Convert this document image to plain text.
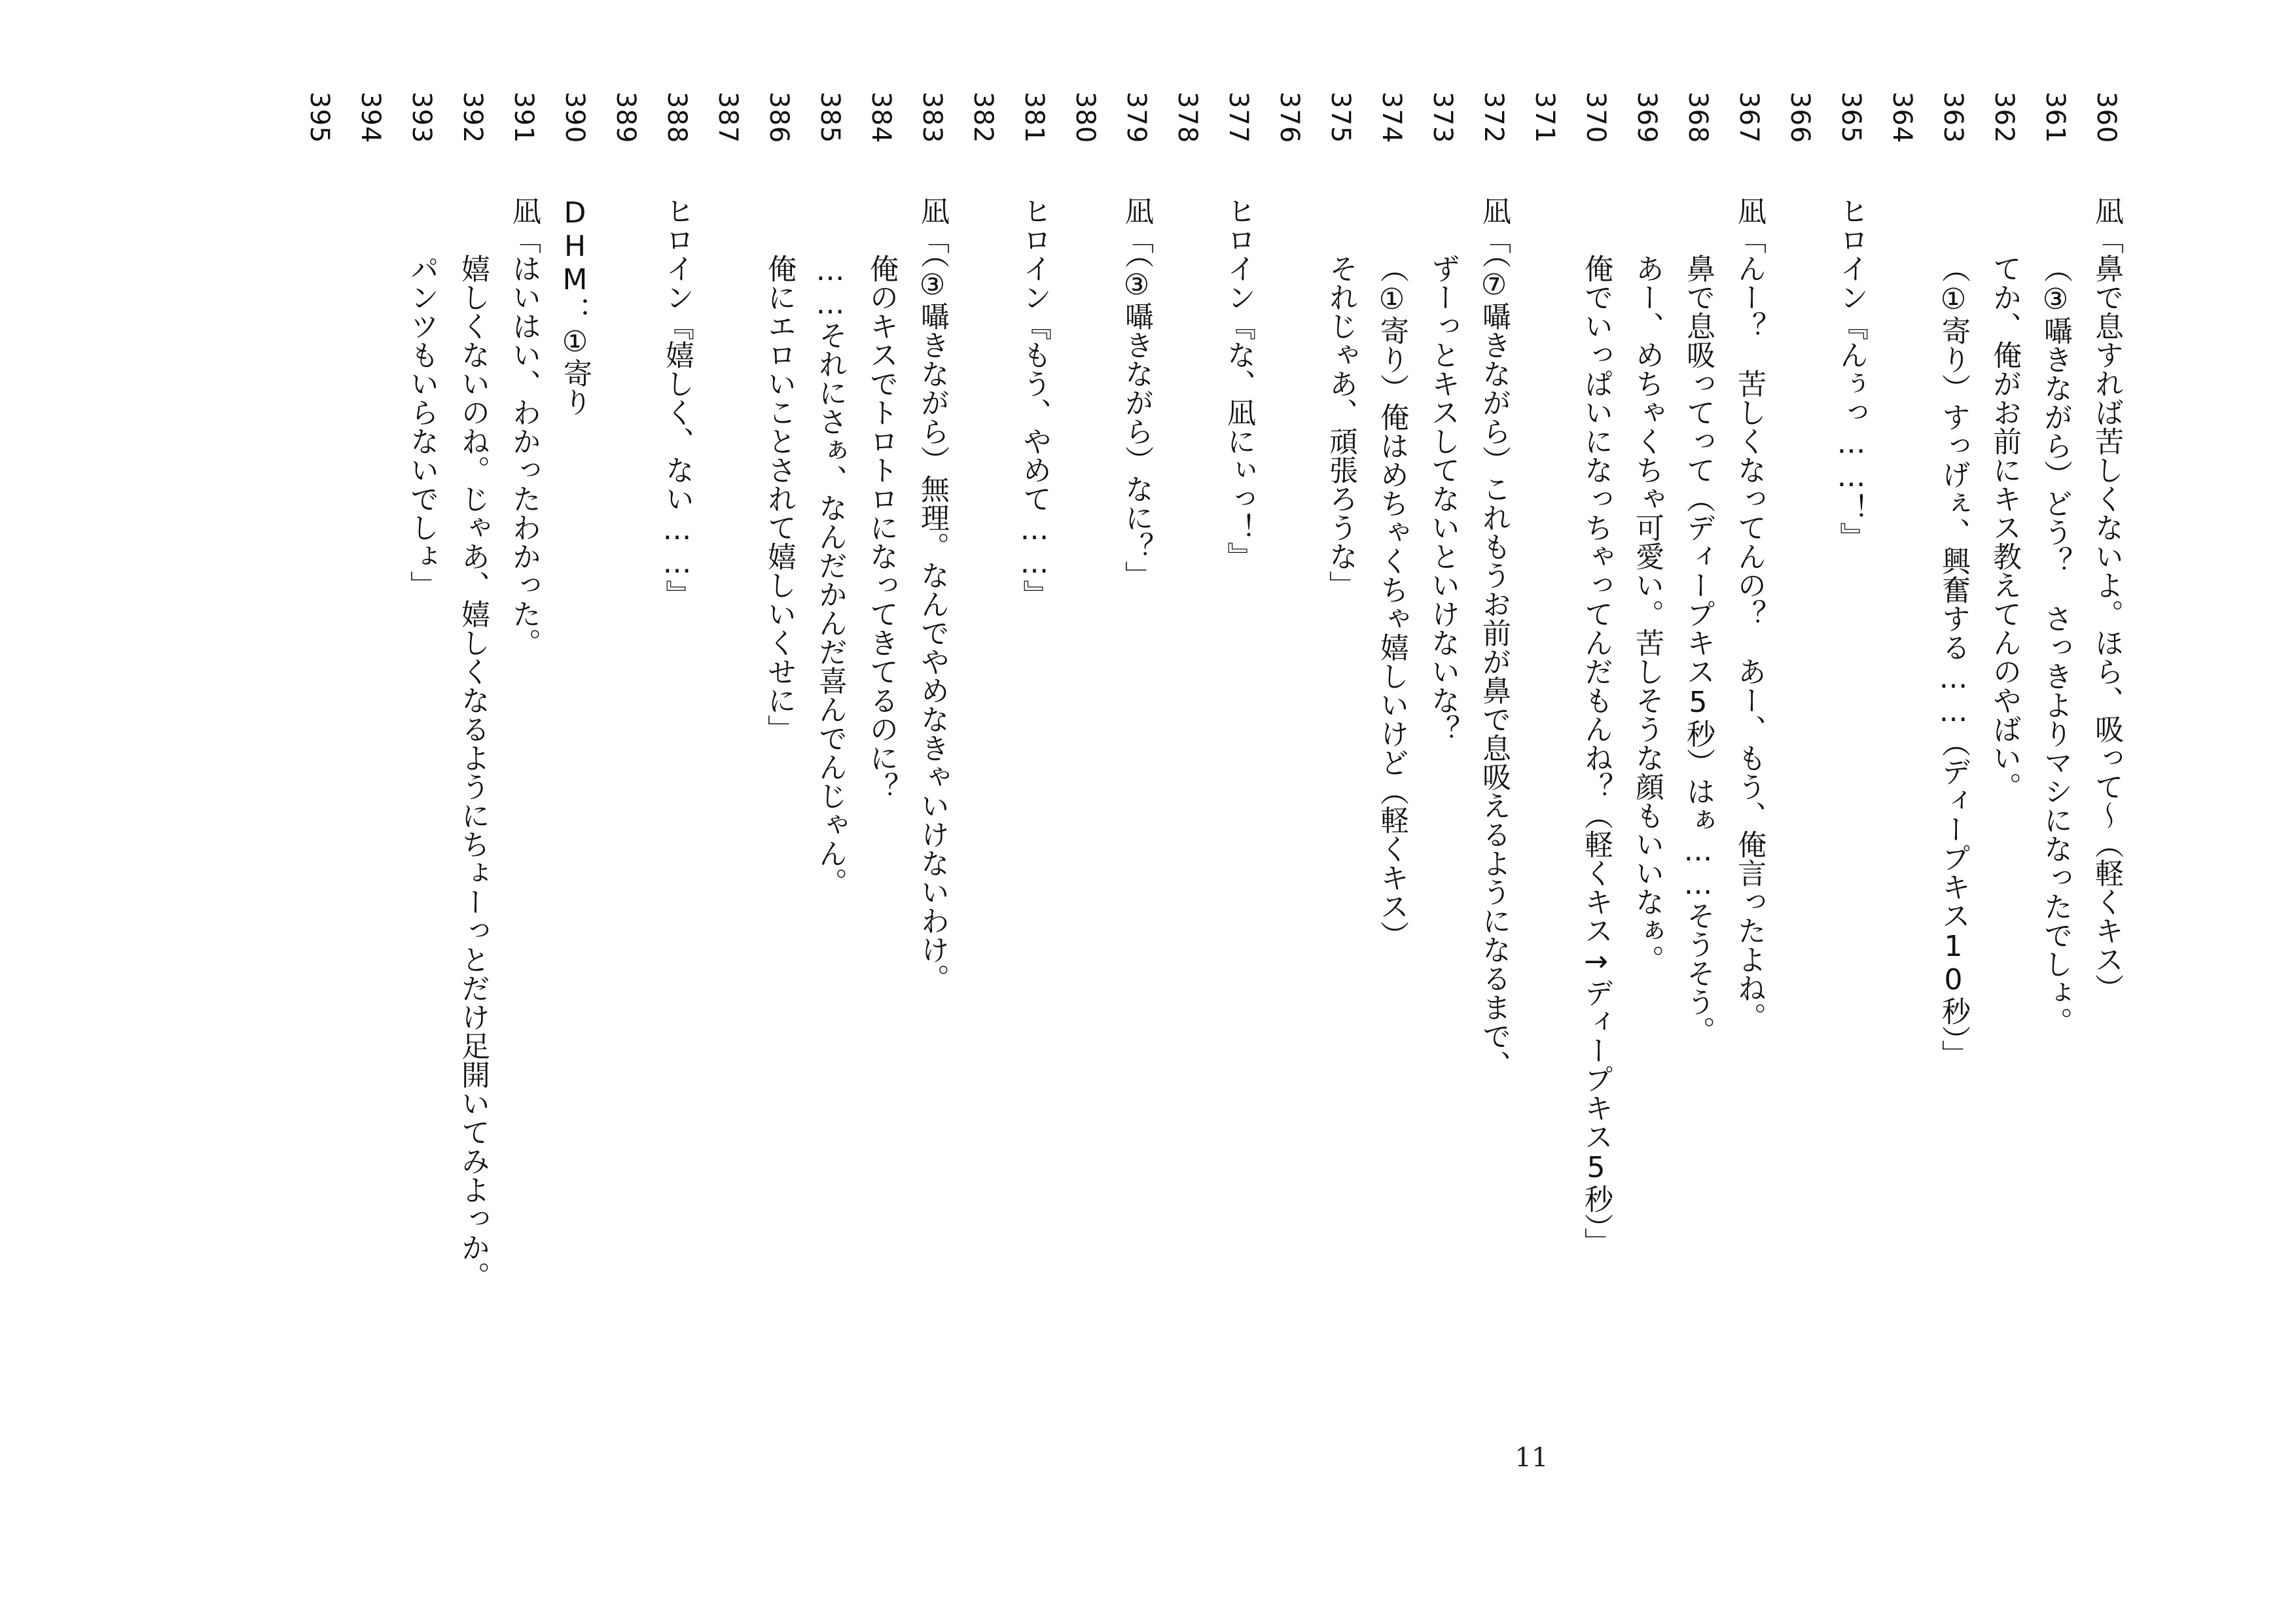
360
凪「鼻で息すれば苦しくないよ。ほら、吸って～（軽くキス）
361
（③囁きながら）どう？　さっきよりマシになったでしょ。
362
てか、俺がお前にキス教えてんのやばい。
363
（①寄り）すっげぇ、興奮する……（ディープキス10秒）」
364
365
ヒロイン『んぅっ……！』
366
367
凪「んー？　苦しくなってんの？　あー、もう、俺言ったよね。
368
鼻で息吸ってって（ディープキス5秒）はぁ……そうそう。
369
あー、めちゃくちゃ可愛い。苦しそうな顔もいいなぁ。
370
俺でいっぱいになっちゃってんだもんね？（軽くキス→ディープキス5秒）」
371
372
凪「（⑦囁きながら）これもうお前が鼻で息吸えるようになるまで、
373
ずーっとキスしてないといけないな？
374
（①寄り）俺はめちゃくちゃ嬉しいけど（軽くキス）
375
それじゃあ、頑張ろうな」
376
377
ヒロイン『な、凪にぃっ！』
378
379
凪「（③囁きながら）なに？」
380
381
ヒロイン『もう、やめて……』
382
383
凪「（③囁きながら）無理。なんでやめなきゃいけないわけ。
384
俺のキスでトロトロになってきてるのに？
385
……それにさぁ、なんだかんだ喜んでんじゃん。
386
俺にエロいことされて嬉しいくせに」
387
388
ヒロイン『嬉しく、ない……』
389
390
DHM：①寄り
391
凪「はいはい、わかったわかった。
392
嬉しくないのね。じゃあ、嬉しくなるようにちょーっとだけ足開いてみよっか。
393
パンツもいらないでしょ」
394
395
11
